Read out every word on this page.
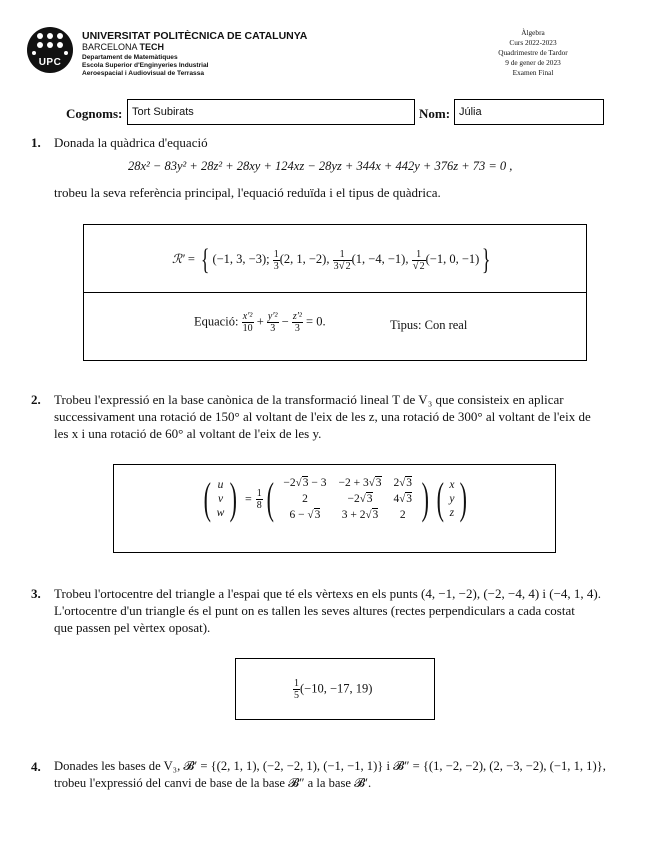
UPC
UNIVERSITAT POLITÈCNICA DE CATALUNYA
BARCELONA TECH
Departament de Matemàtiques
Escola Superior d'Enginyeries Industrial
Aeroespacial i Audiovisual de Terrassa
Àlgebra
Curs 2022-2023
Quadrimestre de Tardor
9 de gener de 2023
Examen Final
Cognoms: Tort Subirats	Nom: Júlia
1. Donada la quàdrica d'equació
28x² − 83y² + 28z² + 28xy + 124xz − 28yz + 344x + 442y + 376z + 73 = 0 ,
trobeu la seva referència principal, l'equació reduïda i el tipus de quàdrica.
ℛ′ = { (−1, 3, −3); $\frac{1}{3} (2$, 1, −2), $\frac{1}{3√2} (1$, −4, −1), $\frac{1}{√2} (-1$, 0, −1)}
Equació: $\frac{\text{x′²}}{10} + \frac{\text{y′²}}{3} - \frac{\text{z′²}}{3} = 0$.	Tipus: Con real
2. Trobeu l'expressió en la base canònica de la transformació lineal T de V₃ que consisteix en aplicar
successivament una rotació de 150° al voltant de l'eix de les z, una rotació de 300° al voltant de l'eix de
les x i una rotació de 60° al voltant de l'eix de les y.
( u
v
w ) = $\frac{1}{8}$ ( −2√3 − 3	−2 + 3√3	2√3
2	−2√3	4√3
6 − √3	3 + 2√3	2 ) ( x
y
z )
3. Trobeu l'ortocentre del triangle a l'espai que té els vèrtexs en els punts (4, −1, −2), (−2, −4, 4) i (−4, 1, 4).
L'ortocentre d'un triangle és el punt on es tallen les seves altures (rectes perpendiculars a cada costat
que passen pel vèrtex oposat).
$\frac{1}{5} (-10$, −17, 19)
4. Donades les bases de V₃, 𝓑′ = {(2, 1, 1), (−2, −2, 1), (−1, −1, 1)} i 𝓑″ = {(1, −2, −2), (2, −3, −2), (−1, 1, 1)},
trobeu l'expressió del canvi de base de la base 𝓑″ a la base 𝓑′.
